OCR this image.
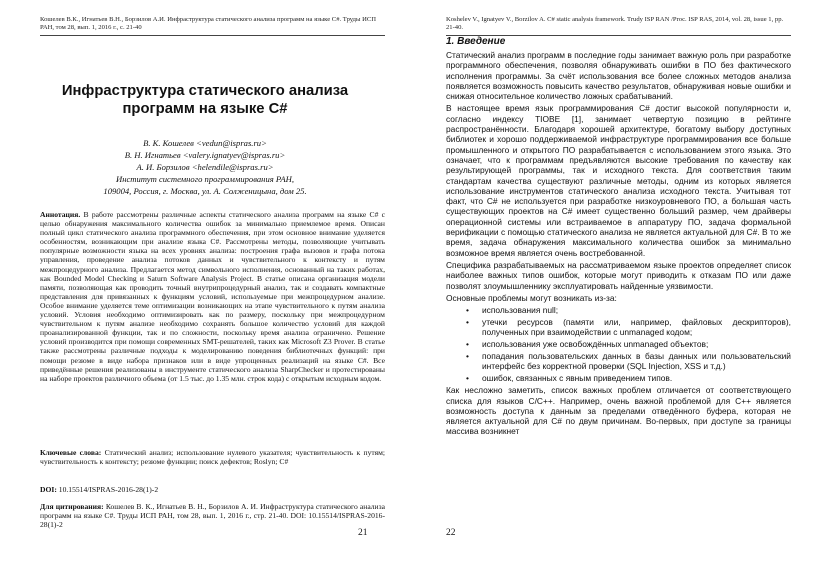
Кошелев В.К., Игнатьев В.Н., Борзилов А.И. Инфраструктура статического анализа программ на языке С#. Труды ИСП РАН, том 28, вып. 1, 2016 г., с. 21-40
Инфраструктура статического анализа
программ на языке C#
В. К. Кошелев <vedun@ispras.ru>
В. Н. Игнатьев <valery.ignatyev@ispras.ru>
А. И. Борзилов <helendile@ispras.ru>
Институт системного программирования РАН,
109004, Россия, г. Москва, ул. А. Солженицына, дом 25.
Аннотация. В работе рассмотрены различные аспекты статического анализа программ на языке C# с целью обнаружения максимального количества ошибок за минимально приемлемое время. Описан полный цикл статического анализа программного обеспечения, при этом основное внимание уделяется особенностям, возникающим при анализе языка C#. Рассмотрены методы, позволяющие учитывать популярные возможности языка на всех уровнях анализа: построения графа вызовов и графа потока управления, проведение анализа потоков данных и чувствительного к контексту и путям межпроцедурного анализа. Предлагается метод символьного исполнения, основанный на таких работах, как Bounded Model Checking и Saturn Software Analysis Project. В статье описана организация модели памяти, позволяющая как проводить точный внутрипроцедурный анализ, так и создавать компактные представления для привязанных к функциям условий, используемые при межпроцедурном анализе. Особое внимание уделяется теме оптимизации возникающих на этапе чувствительного к путям анализа условий. Условия необходимо оптимизировать как по размеру, поскольку при межпроцедурном чувствительном к путям анализе необходимо сохранять большое количество условий для каждой проанализированной функции, так и по сложности, поскольку время анализа ограничено. Решение условий производится при помощи современных SMT-решателей, таких как Microsoft Z3 Prover. В статье также рассмотрены различные подходы к моделированию поведения библиотечных функций: при помощи резюме в виде набора признаков или в виде упрощенных реализаций на языке C#. Все приведённые решения реализованы в инструменте статического анализа SharpChecker и протестированы на наборе проектов различного объема (от 1.5 тыс. до 1.35 млн. строк кода) с открытым исходным кодом.
Ключевые слова: Статический анализ; использование нулевого указателя; чувствительность к путям; чувствительность к контексту; резюме функции; поиск дефектов; Roslyn; C#
DOI: 10.15514/ISPRAS-2016-28(1)-2
Для цитирования: Кошелев В. К., Игнатьев В. Н., Борзилов А. И. Инфраструктура статического анализа программ на языке C#. Труды ИСП РАН, том 28, вып. 1, 2016 г., стр. 21-40. DOI: 10.15514/ISPRAS-2016-28(1)-2
21
Koshelev V., Ignatyev V., Borzilov A. C# static analysis framework. Trudy ISP RAN /Proc. ISP RAS, 2014, vol. 28, issue 1, pp. 21-40.
1. Введение

Статический анализ программ в последние годы занимает важную роль при разработке программного обеспечения, позволяя обнаруживать ошибки в ПО без фактического исполнения программы. За счёт использования все более сложных методов анализа появляется возможность повысить качество результатов, обнаруживая новые ошибки и снижая относительное количество ложных срабатываний.

В настоящее время язык программирования C# достиг высокой популярности и, согласно индексу TIOBE [1], занимает четвертую позицию в рейтинге распространённости. Благодаря хорошей архитектуре, богатому выбору доступных библиотек и хорошо поддерживаемой инфраструктуре программирования все больше промышленного и открытого ПО разрабатывается с использованием этого языка. Это означает, что к программам предъявляются высокие требования по качеству как результирующей программы, так и исходного текста. Для соответствия таким стандартам качества существуют различные методы, одним из которых является использование инструментов статического анализа исходного текста. Учитывая тот факт, что C# не используется при разработке низкоуровневого ПО, а большая часть существующих проектов на C# имеет существенно больший размер, чем драйверы операционной системы или встраиваемое в аппаратуру ПО, задача формальной верификации с помощью статического анализа не является актуальной для C#. В то же время, задача обнаружения максимального количества ошибок за минимально возможное время является очень востребованной.

Специфика разрабатываемых на рассматриваемом языке проектов определяет список наиболее важных типов ошибок, которые могут приводить к отказам ПО или даже позволят злоумышленнику эксплуатировать найденные уязвимости.

Основные проблемы могут возникать из-за:

• использования null;
• утечки ресурсов (памяти или, например, файловых дескрипторов), полученных при взаимодействии с unmanaged кодом;
• использования уже освобождённых unmanaged объектов;
• попадания пользовательских данных в базы данных или пользовательский интерфейс без корректной проверки (SQL Injection, XSS и т.д.)
• ошибок, связанных с явным приведением типов.

Как несложно заметить, список важных проблем отличается от соответствующего списка для языков C/C++. Например, очень важной проблемой для C++ является возможность доступа к данным за пределами отведённого буфера, которая не является актуальной для C# по двум причинам. Во-первых, при доступе за границы массива возникнет

22
